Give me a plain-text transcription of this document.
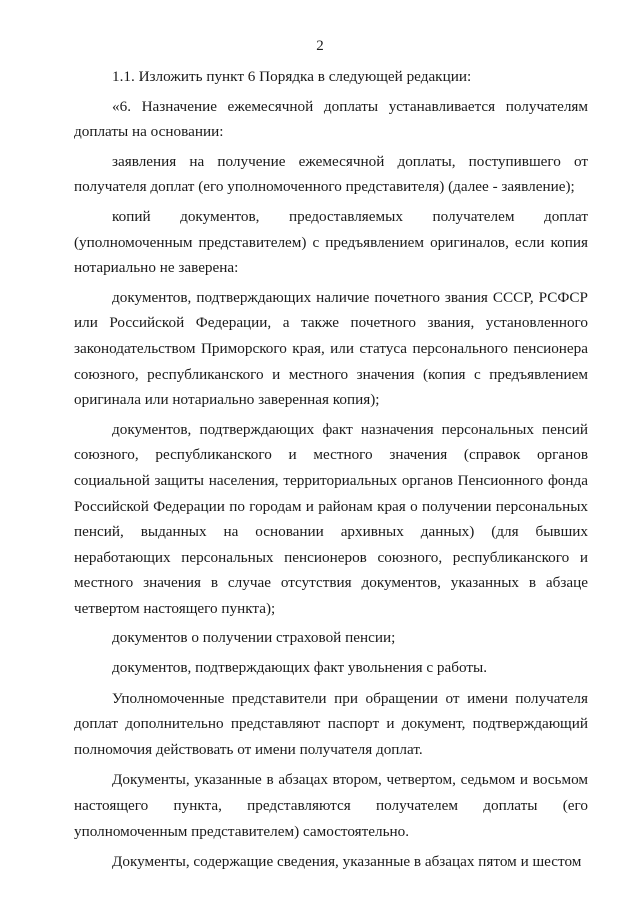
2

1.1. Изложить пункт 6 Порядка в следующей редакции:

«6. Назначение ежемесячной доплаты устанавливается получателям доплаты на основании:

заявления на получение ежемесячной доплаты, поступившего от получателя доплат (его уполномоченного представителя) (далее - заявление);

копий документов, предоставляемых получателем доплат (уполномоченным представителем) с предъявлением оригиналов, если копия нотариально не заверена:

документов, подтверждающих наличие почетного звания СССР, РСФСР или Российской Федерации, а также почетного звания, установленного законодательством Приморского края, или статуса персонального пенсионера союзного, республиканского и местного значения (копия с предъявлением оригинала или нотариально заверенная копия);

документов, подтверждающих факт назначения персональных пенсий союзного, республиканского и местного значения (справок органов социальной защиты населения, территориальных органов Пенсионного фонда Российской Федерации по городам и районам края о получении персональных пенсий, выданных на основании архивных данных) (для бывших неработающих персональных пенсионеров союзного, республиканского и местного значения в случае отсутствия документов, указанных в абзаце четвертом настоящего пункта);

документов о получении страховой пенсии;

документов, подтверждающих факт увольнения с работы.

Уполномоченные представители при обращении от имени получателя доплат дополнительно представляют паспорт и документ, подтверждающий полномочия действовать от имени получателя доплат.

Документы, указанные в абзацах втором, четвертом, седьмом и восьмом настоящего пункта, представляются получателем доплаты (его уполномоченным представителем) самостоятельно.

Документы, содержащие сведения, указанные в абзацах пятом и шестом
